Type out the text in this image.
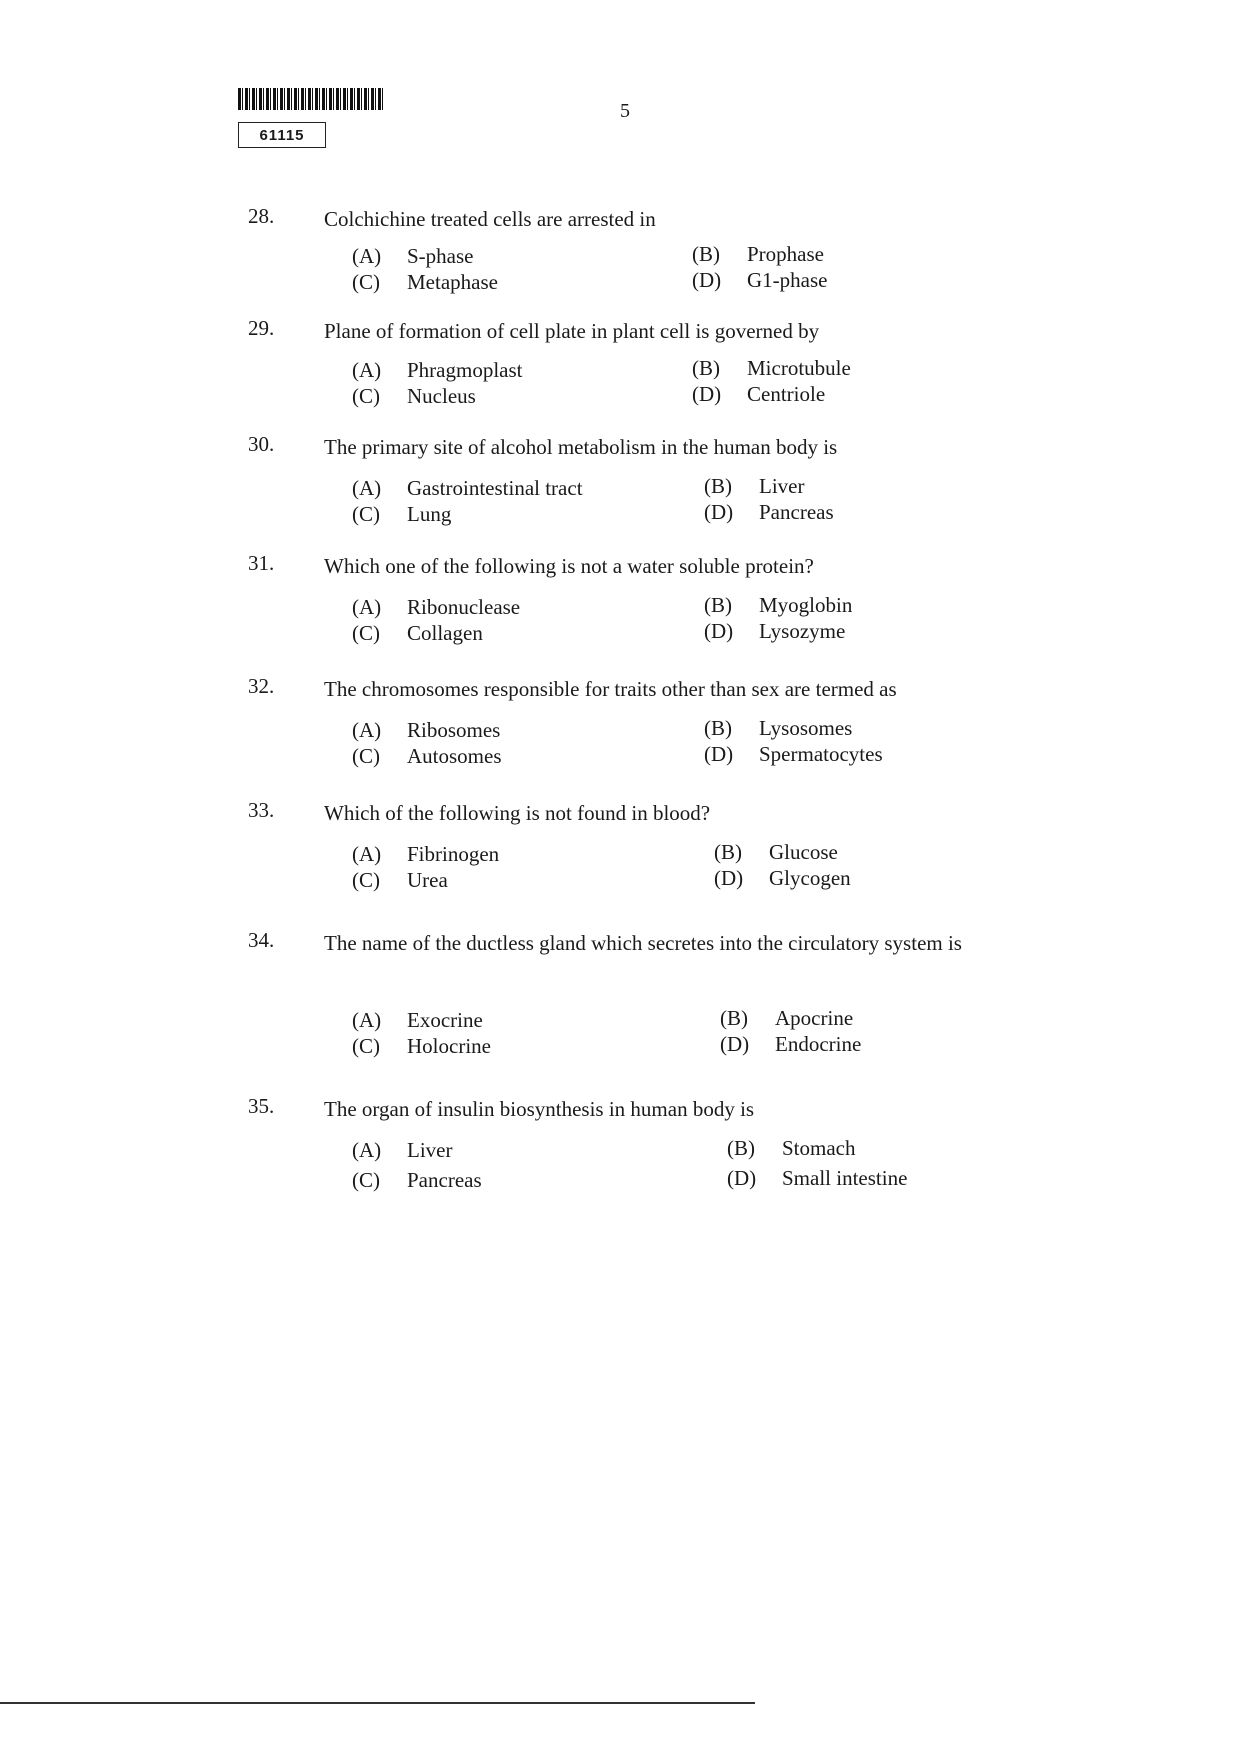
61115
5
28. Colchichine treated cells are arrested in
(A)	S-phase	(B)	Prophase
(C)	Metaphase	(D)	G1-phase
29. Plane of formation of cell plate in plant cell is governed by
(A)	Phragmoplast	(B)	Microtubule
(C)	Nucleus	(D)	Centriole
30. The primary site of alcohol metabolism in the human body is
(A)	Gastrointestinal tract	(B)	Liver
(C)	Lung	(D)	Pancreas
31. Which one of the following is not a water soluble protein?
(A)	Ribonuclease	(B)	Myoglobin
(C)	Collagen	(D)	Lysozyme
32. The chromosomes responsible for traits other than sex are termed as
(A)	Ribosomes	(B)	Lysosomes
(C)	Autosomes	(D)	Spermatocytes
33. Which of the following is not found in blood?
(A)	Fibrinogen	(B)	Glucose
(C)	Urea	(D)	Glycogen
34. The name of the ductless gland which secretes into the circulatory system is
(A)	Exocrine	(B)	Apocrine
(C)	Holocrine	(D)	Endocrine
35. The organ of insulin biosynthesis in human body is
(A)	Liver	(B)	Stomach
(C)	Pancreas	(D)	Small intestine
